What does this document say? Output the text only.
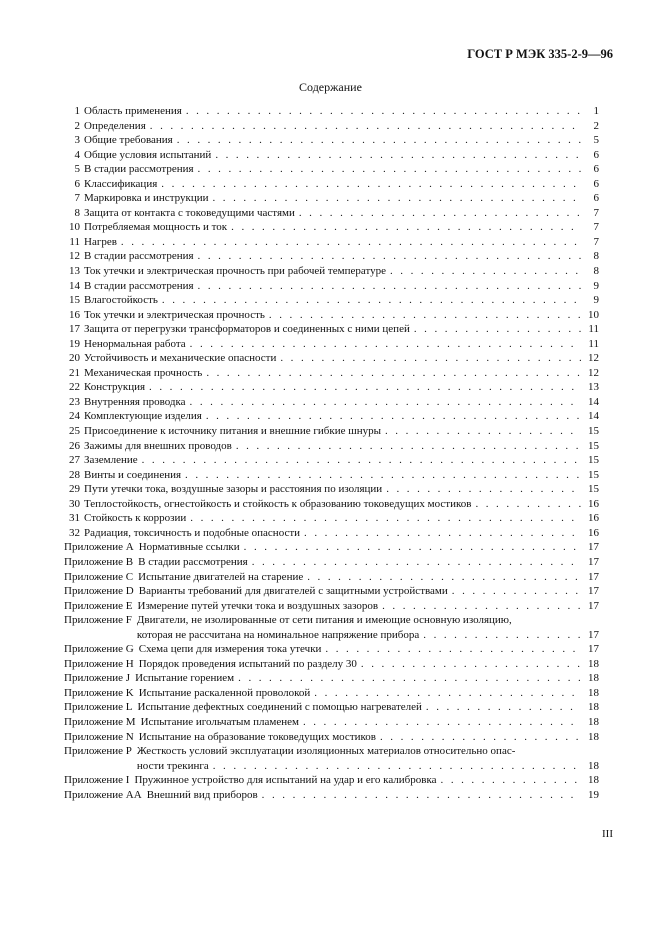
ГОСТ Р МЭК 335-2-9—96
Содержание
1 Область применения . . .	1
2 Определения . . .	2
3 Общие требования . . .	5
4 Общие условия испытаний . . .	6
5 В стадии рассмотрения . . .	6
6 Классификация . . .	6
7 Маркировка и инструкции . . .	6
8 Защита от контакта с токоведущими частями . . .	7
10 Потребляемая мощность и ток . . .	7
11 Нагрев . . .	7
12 В стадии рассмотрения . . .	8
13 Ток утечки и электрическая прочность при рабочей температуре . . .	8
14 В стадии рассмотрения . . .	9
15 Влагостойкость . . .	9
16 Ток утечки и электрическая прочность . . .	10
17 Защита от перегрузки трансформаторов и соединенных с ними цепей . . .	11
19 Ненормальная работа . . .	11
20 Устойчивость и механические опасности . . .	12
21 Механическая прочность . . .	12
22 Конструкция . . .	13
23 Внутренняя проводка . . .	14
24 Комплектующие изделия . . .	14
25 Присоединение к источнику питания и внешние гибкие шнуры . . .	15
26 Зажимы для внешних проводов . . .	15
27 Заземление . . .	15
28 Винты и соединения . . .	15
29 Пути утечки тока, воздушные зазоры и расстояния по изоляции . . .	15
30 Теплостойкость, огнестойкость и стойкость к образованию токоведущих мостиков . . .	16
31 Стойкость к коррозии . . .	16
32 Радиация, токсичность и подобные опасности . . .	16
Приложение A Нормативные ссылки . . .	17
Приложение B В стадии рассмотрения . . .	17
Приложение C Испытание двигателей на старение . . .	17
Приложение D Варианты требований для двигателей с защитными устройствами . . .	17
Приложение E Измерение путей утечки тока и воздушных зазоров . . .	17
Приложение F Двигатели, не изолированные от сети питания и имеющие основную изоляцию,
которая не рассчитана на номинальное напряжение прибора . . .	17
Приложение G Схема цепи для измерения тока утечки . . .	17
Приложение H Порядок проведения испытаний по разделу 30 . . .	18
Приложение J Испытание горением . . .	18
Приложение K Испытание раскаленной проволокой . . .	18
Приложение L Испытание дефектных соединений с помощью нагревателей . . .	18
Приложение M Испытание игольчатым пламенем . . .	18
Приложение N Испытание на образование токоведущих мостиков . . .	18
Приложение P Жесткость условий эксплуатации изоляционных материалов относительно опас-
ности трекинга . . .	18
Приложение I Пружинное устройство для испытаний на удар и его калибровка . . .	18
Приложение AA Внешний вид приборов . . .	19
III
